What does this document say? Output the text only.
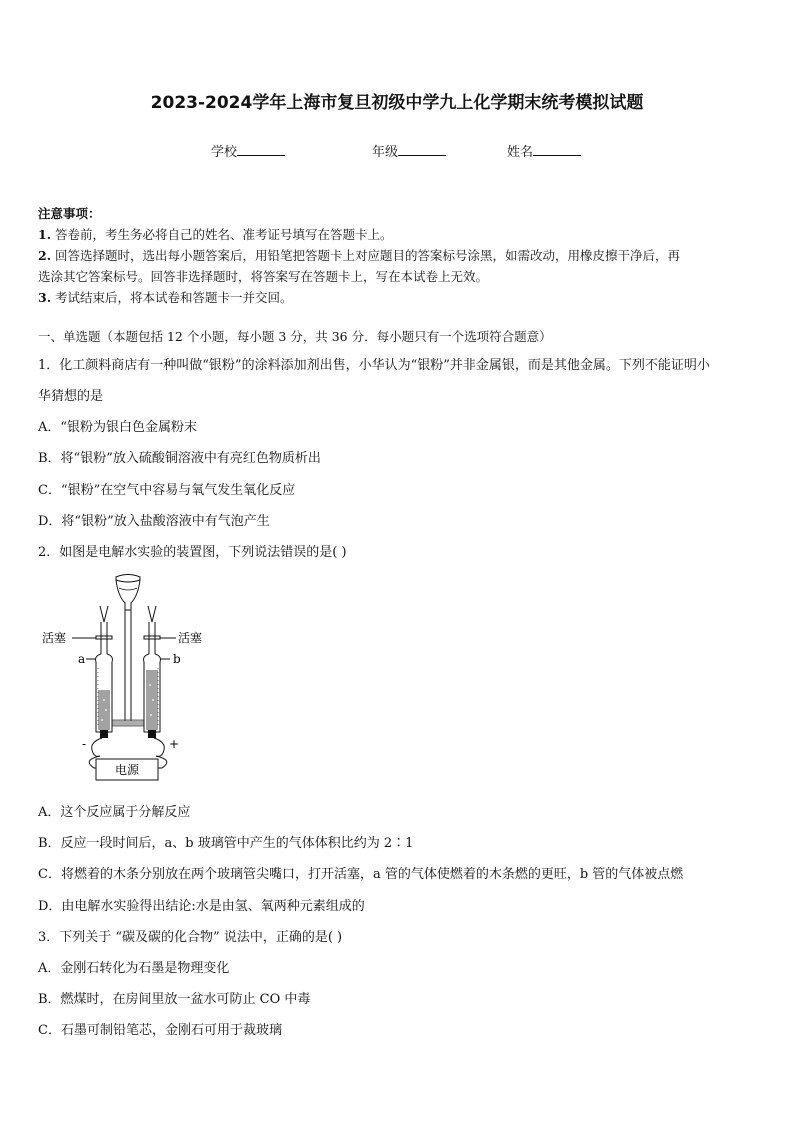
2023-2024学年上海市复旦初级中学九上化学期末统考模拟试题
学校	年级	姓名
注意事项：
1. 答卷前，考生务必将自己的姓名、准考证号填写在答题卡上。
2. 回答选择题时，选出每小题答案后，用铅笔把答题卡上对应题目的答案标号涂黑，如需改动，用橡皮擦干净后，再
选涂其它答案标号。回答非选择题时，将答案写在答题卡上，写在本试卷上无效。
3. 考试结束后，将本试卷和答题卡一并交回。
一、单选题（本题包括 12 个小题，每小题 3 分，共 36 分．每小题只有一个选项符合题意）
1．化工颜料商店有一种叫做“银粉”的涂料添加剂出售，小华认为“银粉”并非金属银，而是其他金属。下列不能证明小
华猜想的是
A．“银粉为银白色金属粉末
B．将“银粉”放入硫酸铜溶液中有亮红色物质析出
C．“银粉”在空气中容易与氧气发生氧化反应
D．将“银粉”放入盐酸溶液中有气泡产生
2．如图是电解水实验的装置图，下列说法错误的是( )
电源
活塞	活塞
a	b
-	+
A．这个反应属于分解反应
B．反应一段时间后，a、b 玻璃管中产生的气体体积比约为 2∶1
C．将燃着的木条分别放在两个玻璃管尖嘴口，打开活塞，a 管的气体使燃着的木条燃的更旺，b 管的气体被点燃
D．由电解水实验得出结论:水是由氢、氧两种元素组成的
3．下列关于 “碳及碳的化合物” 说法中，正确的是( )
A．金刚石转化为石墨是物理变化
B．燃煤时，在房间里放一盆水可防止 CO 中毒
C．石墨可制铅笔芯，金刚石可用于裁玻璃
